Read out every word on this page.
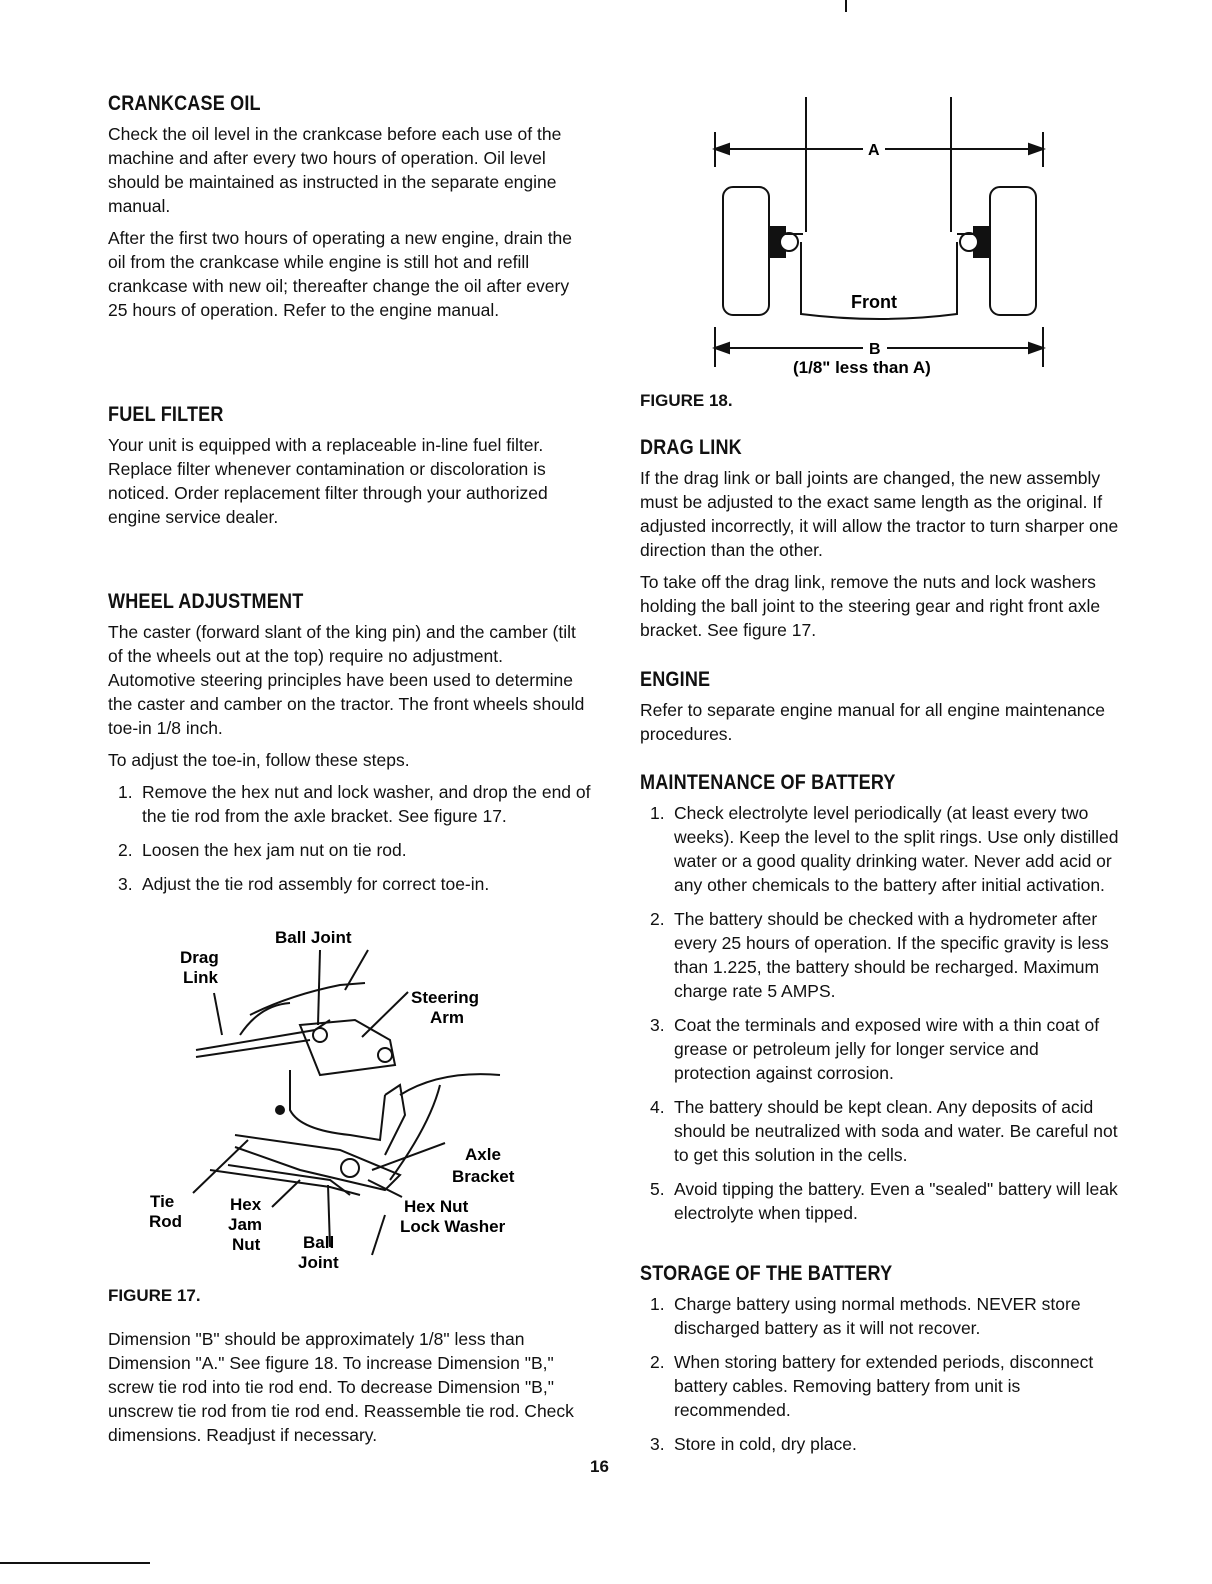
CRANKCASE OIL

Check the oil level in the crankcase before each use of the machine and after every two hours of operation. Oil level should be maintained as instructed in the separate engine manual.

After the first two hours of operating a new engine, drain the oil from the crankcase while engine is still hot and refill crankcase with new oil; thereafter change the oil after every 25 hours of operation. Refer to the engine manual.

FUEL FILTER

Your unit is equipped with a replaceable in-line fuel filter. Replace filter whenever contamination or discoloration is noticed. Order replacement filter through your authorized engine service dealer.

WHEEL ADJUSTMENT

The caster (forward slant of the king pin) and the camber (tilt of the wheels out at the top) require no adjustment. Automotive steering principles have been used to determine the caster and camber on the tractor. The front wheels should toe-in 1/8 inch.

To adjust the toe-in, follow these steps.

1. Remove the hex nut and lock washer, and drop the end of the tie rod from the axle bracket. See figure 17.
2. Loosen the hex jam nut on tie rod.
3. Adjust the tie rod assembly for correct toe-in.
Ball Joint
Drag
Link
Steering
Arm
Axle
Bracket
Tie
Rod
Hex
Jam
Nut	Ball
Joint
Hex Nut
Lock Washer
FIGURE 17.

Dimension "B" should be approximately 1/8" less than Dimension "A." See figure 18. To increase Dimension "B," screw tie rod into tie rod end. To decrease Dimension "B," unscrew tie rod from tie rod end. Reassemble tie rod. Check dimensions. Readjust if necessary.

A
Front
B
(1/8" less than A)
FIGURE 18.
DRAG LINK

If the drag link or ball joints are changed, the new assembly must be adjusted to the exact same length as the original. If adjusted incorrectly, it will allow the tractor to turn sharper one direction than the other.

To take off the drag link, remove the nuts and lock washers holding the ball joint to the steering gear and right front axle bracket. See figure 17.

ENGINE

Refer to separate engine manual for all engine maintenance procedures.

MAINTENANCE OF BATTERY
1. Check electrolyte level periodically (at least every two weeks). Keep the level to the split rings. Use only distilled water or a good quality drinking water. Never add acid or any other chemicals to the battery after initial activation.
2. The battery should be checked with a hydrometer after every 25 hours of operation. If the specific gravity is less than 1.225, the battery should be recharged. Maximum charge rate 5 AMPS.
3. Coat the terminals and exposed wire with a thin coat of grease or petroleum jelly for longer service and protection against corrosion.
4. The battery should be kept clean. Any deposits of acid should be neutralized with soda and water. Be careful not to get this solution in the cells.
5. Avoid tipping the battery. Even a "sealed" battery will leak electrolyte when tipped.
STORAGE OF THE BATTERY
1. Charge battery using normal methods. NEVER store discharged battery as it will not recover.
2. When storing battery for extended periods, disconnect battery cables. Removing battery from unit is recommended.
3. Store in cold, dry place.
16
